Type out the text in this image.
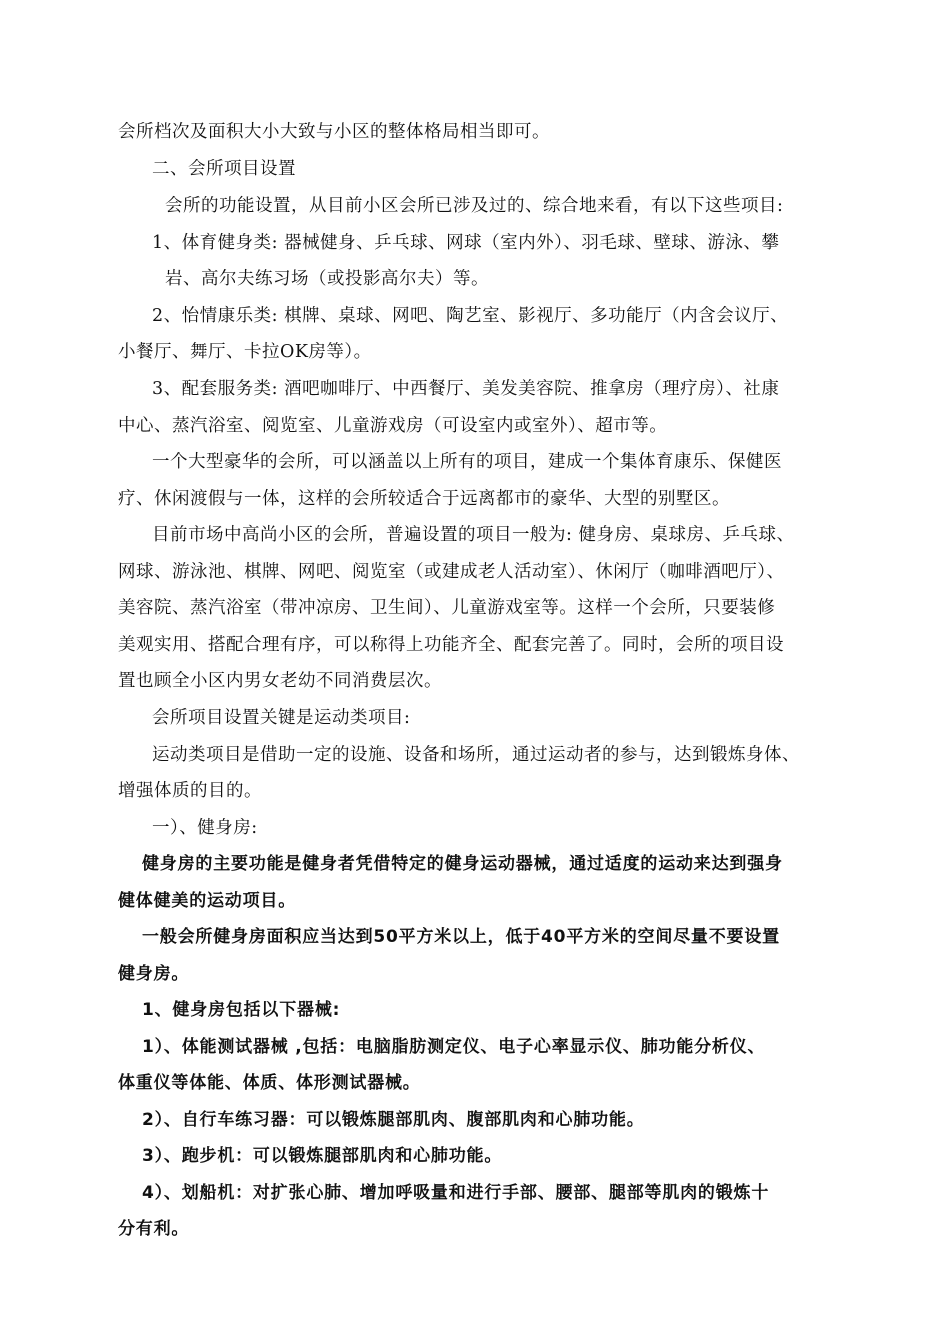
会所档次及面积大小大致与小区的整体格局相当即可。
二、会所项目设置
会所的功能设置，从目前小区会所已涉及过的、综合地来看，有以下这些项目:
1、体育健身类: 器械健身、乒乓球、网球（室内外）、羽毛球、壁球、游泳、攀
岩、高尔夫练习场（或投影高尔夫）等。
2、怡情康乐类: 棋牌、桌球、网吧、陶艺室、影视厅、多功能厅（内含会议厅、
小餐厅、舞厅、卡拉OK房等）。
3、配套服务类: 酒吧咖啡厅、中西餐厅、美发美容院、推拿房（理疗房）、社康
中心、蒸汽浴室、阅览室、儿童游戏房（可设室内或室外）、超市等。
一个大型豪华的会所，可以涵盖以上所有的项目，建成一个集体育康乐、保健医
疗、休闲渡假与一体，这样的会所较适合于远离都市的豪华、大型的别墅区。
目前市场中高尚小区的会所，普遍设置的项目一般为: 健身房、桌球房、乒乓球、
网球、游泳池、棋牌、网吧、阅览室（或建成老人活动室）、休闲厅（咖啡酒吧厅）、
美容院、蒸汽浴室（带冲凉房、卫生间）、儿童游戏室等。这样一个会所，只要装修
美观实用、搭配合理有序，可以称得上功能齐全、配套完善了。同时，会所的项目设
置也顾全小区内男女老幼不同消费层次。
会所项目设置关键是运动类项目:
运动类项目是借助一定的设施、设备和场所，通过运动者的参与，达到锻炼身体、
增强体质的目的。
一）、健身房:
健身房的主要功能是健身者凭借特定的健身运动器械，通过适度的运动来达到强身
健体健美的运动项目。
一般会所健身房面积应当达到50平方米以上，低于40平方米的空间尽量不要设置
健身房。
1、健身房包括以下器械:
1）、体能测试器械 ,包括：电脑脂肪测定仪、电子心率显示仪、肺功能分析仪、
体重仪等体能、体质、体形测试器械。
2）、自行车练习器：可以锻炼腿部肌肉、腹部肌肉和心肺功能。
3）、跑步机：可以锻炼腿部肌肉和心肺功能。
4）、划船机：对扩张心肺、增加呼吸量和进行手部、腰部、腿部等肌肉的锻炼十
分有利。
